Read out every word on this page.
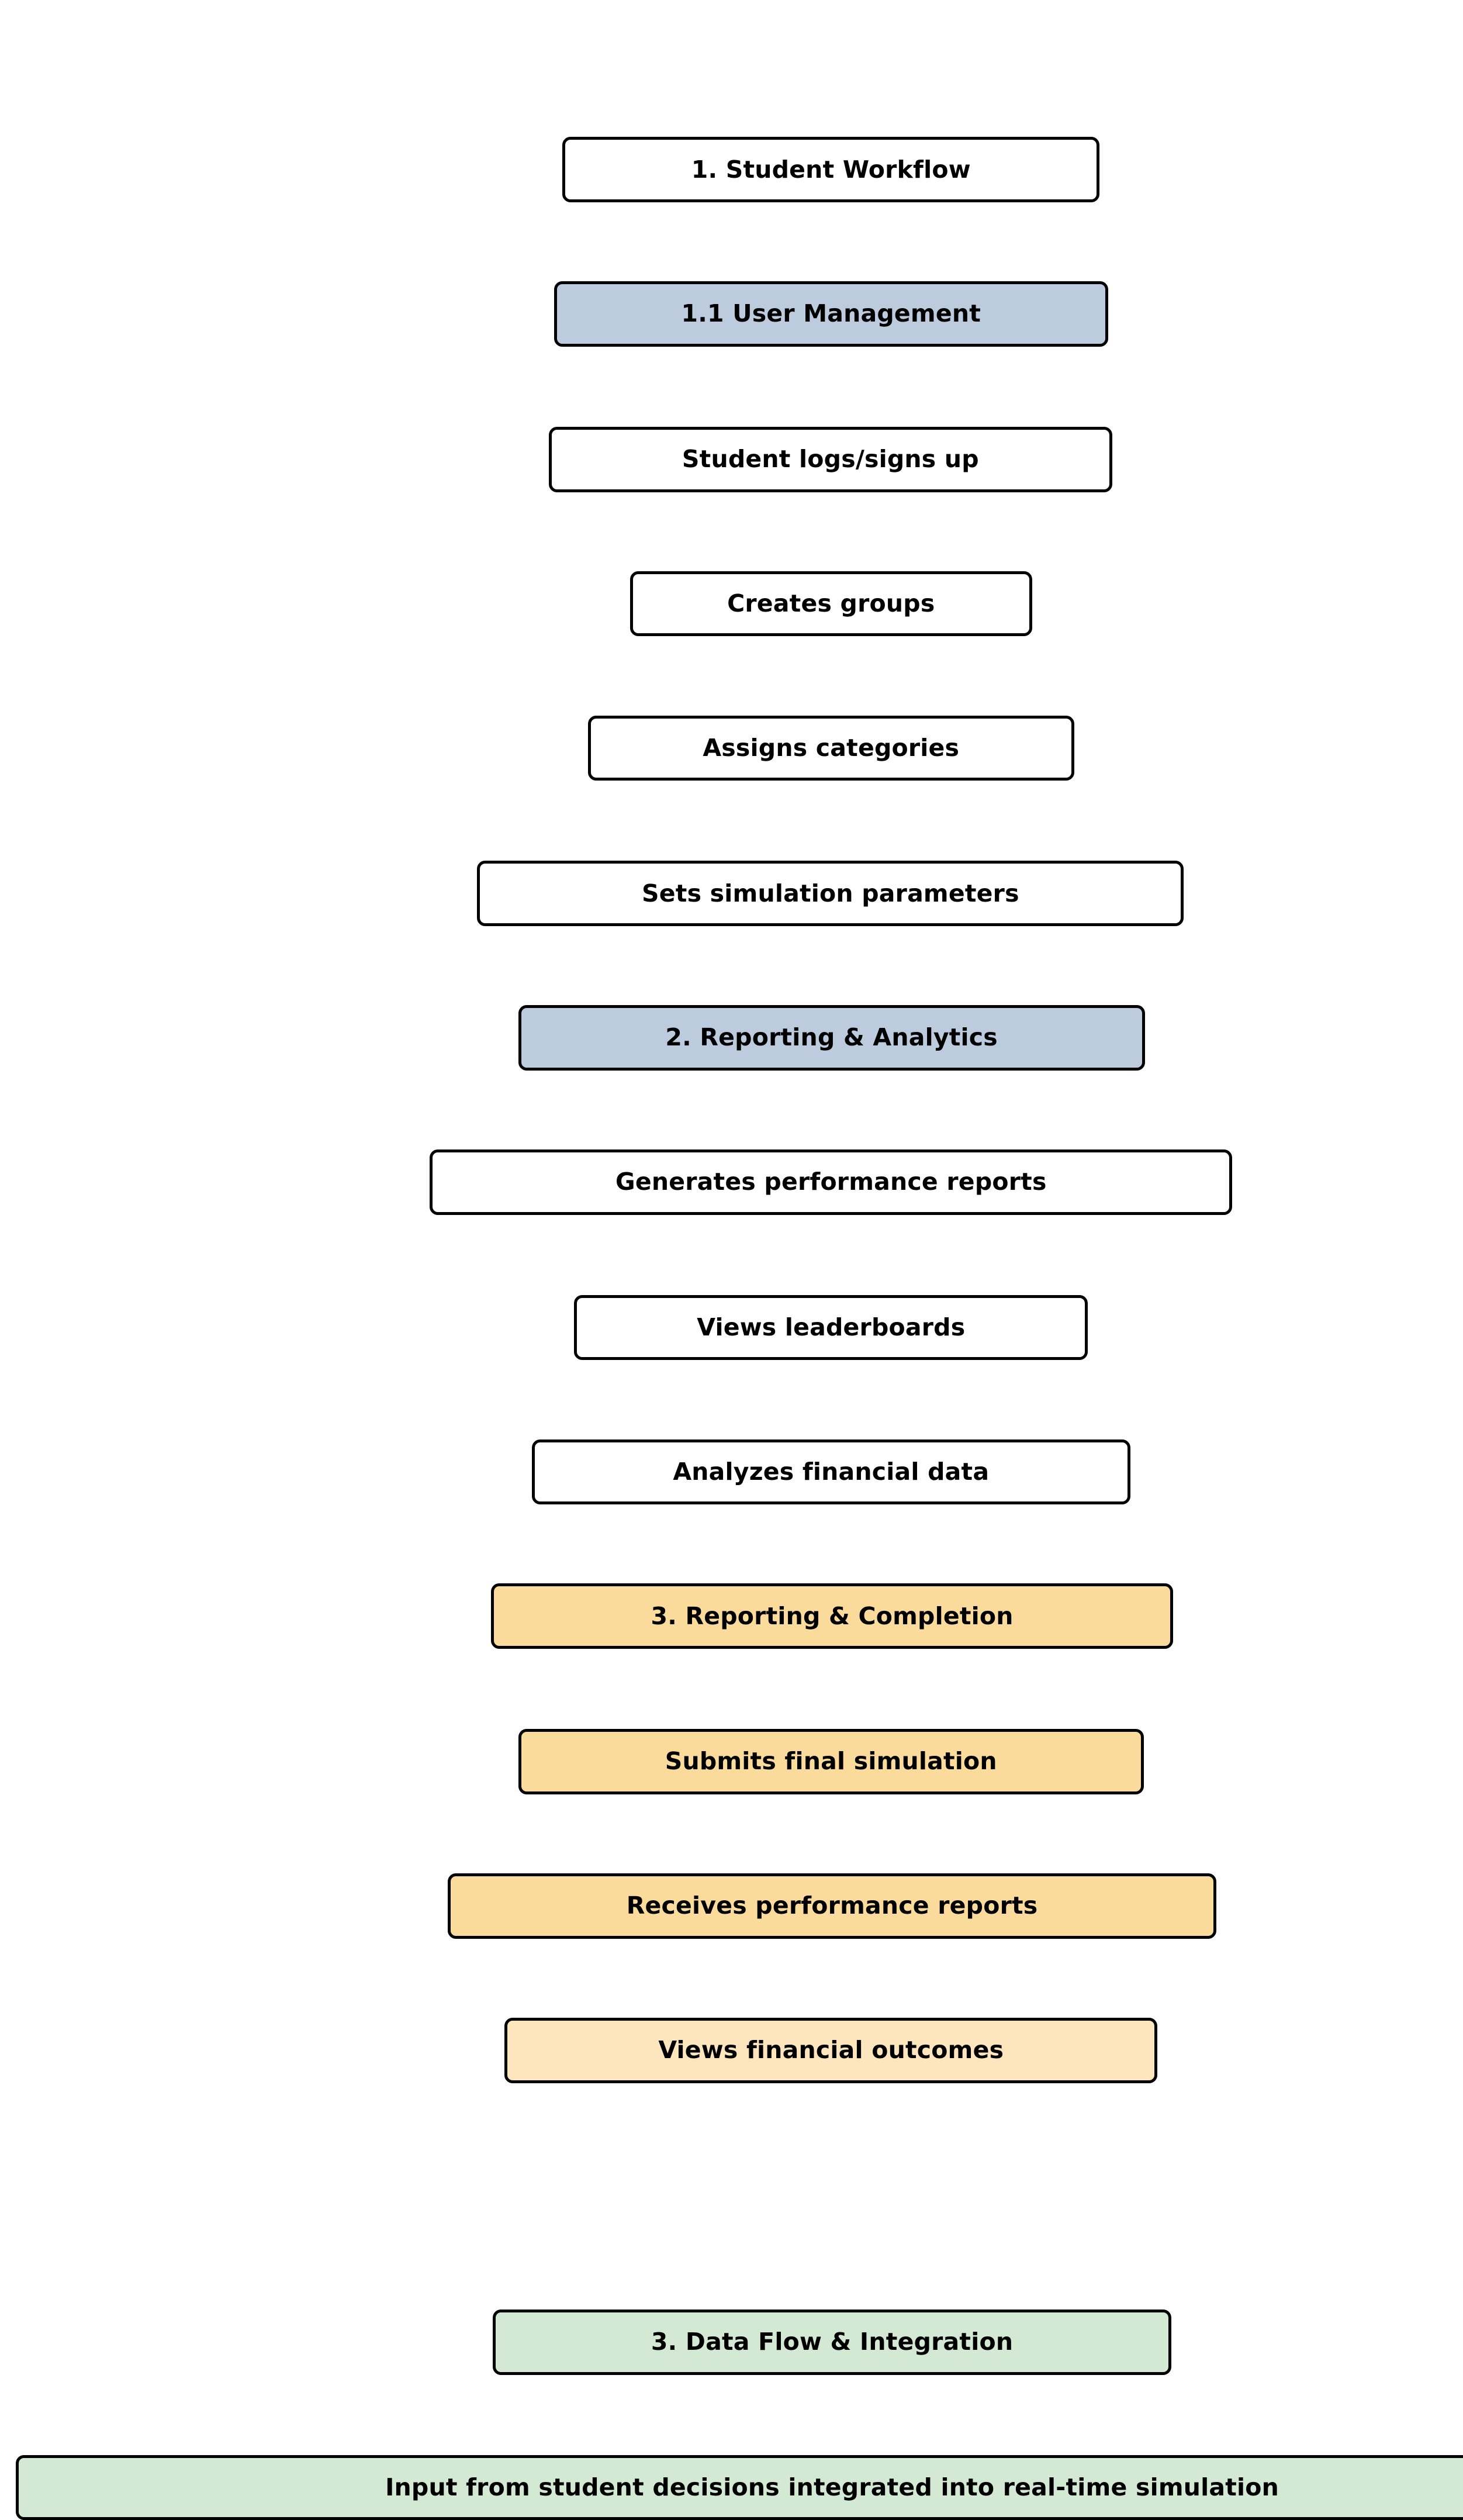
1. Student Workflow
1.1 User Management
Student logs/signs up
Creates groups
Assigns categories
Sets simulation parameters
2. Reporting & Analytics
Generates performance reports
Views leaderboards
Analyzes financial data
3. Reporting & Completion
Submits final simulation
Receives performance reports
Views financial outcomes
3. Data Flow & Integration
Input from student decisions integrated into real-time simulation
